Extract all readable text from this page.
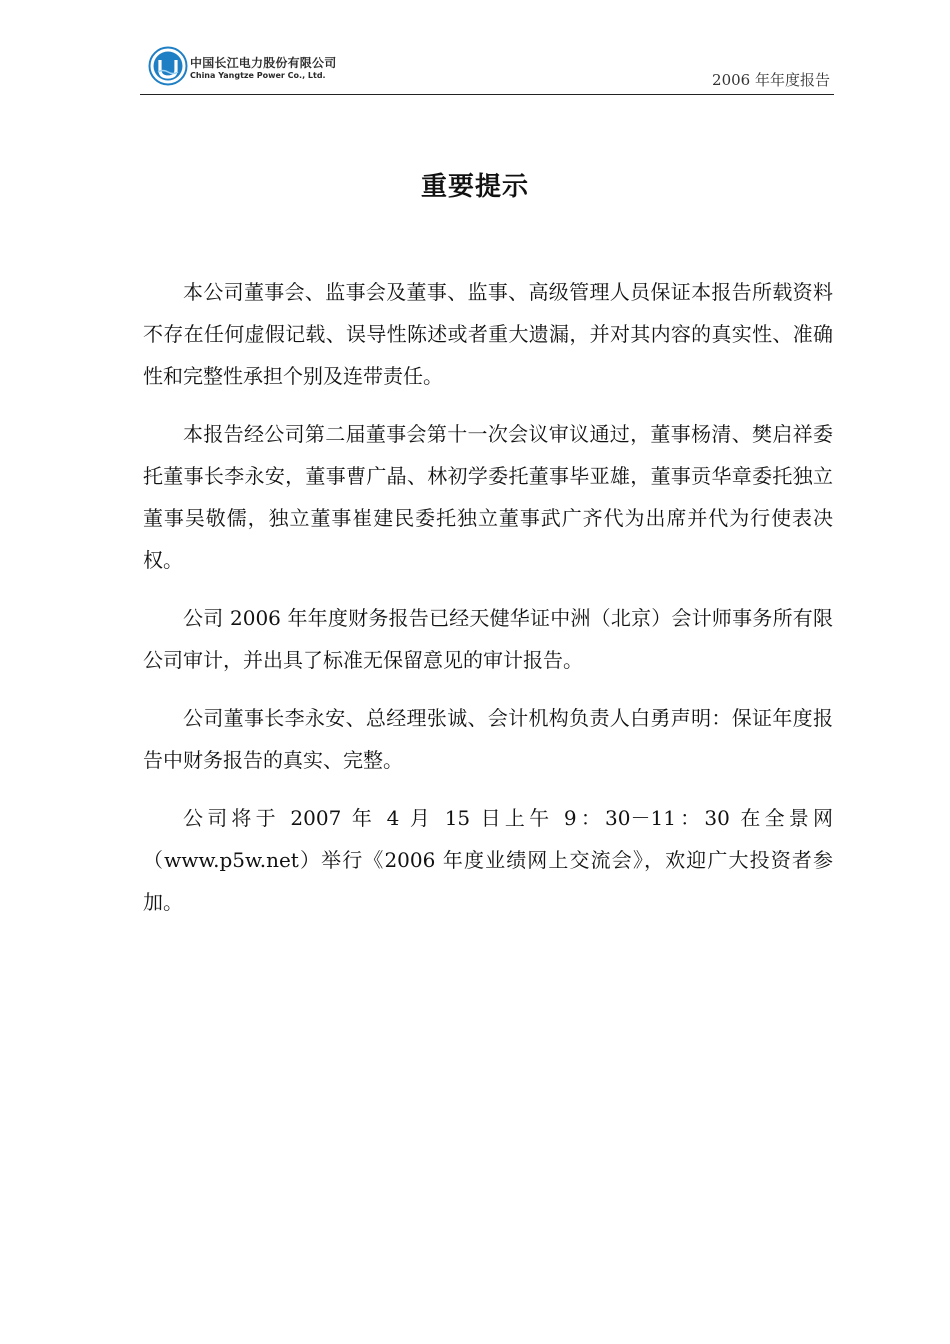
中国长江电力股份有限公司
China Yangtze Power Co., Ltd.	2006 年年度报告
重要提示

本公司董事会、监事会及董事、监事、高级管理人员保证本报告所载资料不存在任何虚假记载、误导性陈述或者重大遗漏，并对其内容的真实性、准确性和完整性承担个别及连带责任。

本报告经公司第二届董事会第十一次会议审议通过，董事杨清、樊启祥委托董事长李永安，董事曹广晶、林初学委托董事毕亚雄，董事贡华章委托独立董事吴敬儒，独立董事崔建民委托独立董事武广齐代为出席并代为行使表决权。

公司 2006 年年度财务报告已经天健华证中洲（北京）会计师事务所有限公司审计，并出具了标准无保留意见的审计报告。

公司董事长李永安、总经理张诚、会计机构负责人白勇声明：保证年度报告中财务报告的真实、完整。

公司将于 2007 年 4 月 15 日上午 9：30－11：30 在全景网（www.p5w.net）举行《2006 年度业绩网上交流会》，欢迎广大投资者参加。
